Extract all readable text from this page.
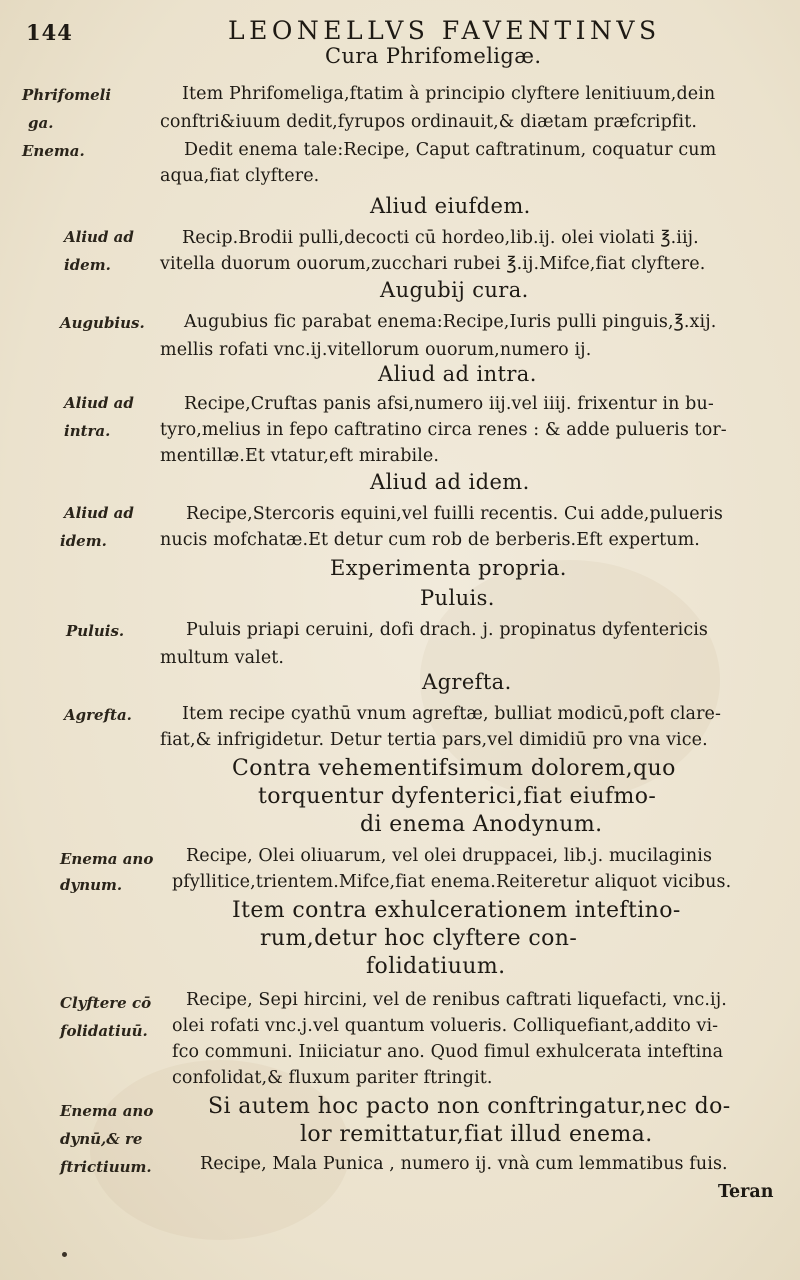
144	LEONELLVS FAVENTINVS
Cura Phrifomeligæ.
Phrifomeli
ga.
Enema.
Item Phrifomeliga,ftatim à principio clyftere lenitiuum,dein
conftri&iuum dedit,fyrupos ordinauit,& diætam præfcripfit.
Dedit enema tale:Recipe, Caput caftratinum, coquatur cum
aqua,fiat clyftere.
Aliud eiufdem.
Aliud ad
idem.
Recip.Brodii pulli,decocti cū hordeo,lib.ij. olei violati ℥.iij.
vitella duorum ouorum,zucchari rubei ℥.ij.Mifce,fiat clyftere.
Augubij cura.
Augubius. Augubius fic parabat enema:Recipe,Iuris pulli pinguis,℥.xij.
mellis rofati vnc.ij.vitellorum ouorum,numero ij.
Aliud ad intra.
Aliud ad
intra.
Recipe,Cruftas panis afsi,numero iij.vel iiij. frixentur in bu-
tyro,melius in fepo caftratino circa renes : & adde pulueris tor-
mentillæ.Et vtatur,eft mirabile.
Aliud ad idem.
Aliud ad
idem.
Recipe,Stercoris equini,vel fuilli recentis. Cui adde,pulueris
nucis mofchatæ.Et detur cum rob de berberis.Eft expertum.
Experimenta propria.
Puluis.
Puluis.	Puluis priapi ceruini, dofi drach. j. propinatus dyfentericis
multum valet.
Agrefta.
Agrefta.	Item recipe cyathū vnum agreftæ, bulliat modicū,poft clare-
fiat,& infrigidetur. Detur tertia pars,vel dimidiū pro vna vice.
Contra vehementifsimum dolorem,quo
torquentur dyfenterici,fiat eiufmo-
di enema Anodynum.
Enema ano
dynum.
Recipe, Olei oliuarum, vel olei druppacei, lib.j. mucilaginis
pfyllitice,trientem.Mifce,fiat enema.Reiteretur aliquot vicibus.
Item contra exhulcerationem inteftino-
rum,detur hoc clyftere con-
folidatiuum.
Clyftere cō
folidatiuū.
Recipe, Sepi hircini, vel de renibus caftrati liquefacti, vnc.ij.
olei rofati vnc.j.vel quantum volueris. Colliquefiant,addito vi-
fco communi. Iniiciatur ano. Quod fimul exhulcerata inteftina
confolidat,& fluxum pariter ftringit.
Si autem hoc pacto non conftringatur,nec do-
lor remittatur,fiat illud enema.
Enema ano
dynū,& re
ftrictiuum.	Recipe, Mala Punica , numero ij. vnà cum lemmatibus fuis.
Teran
